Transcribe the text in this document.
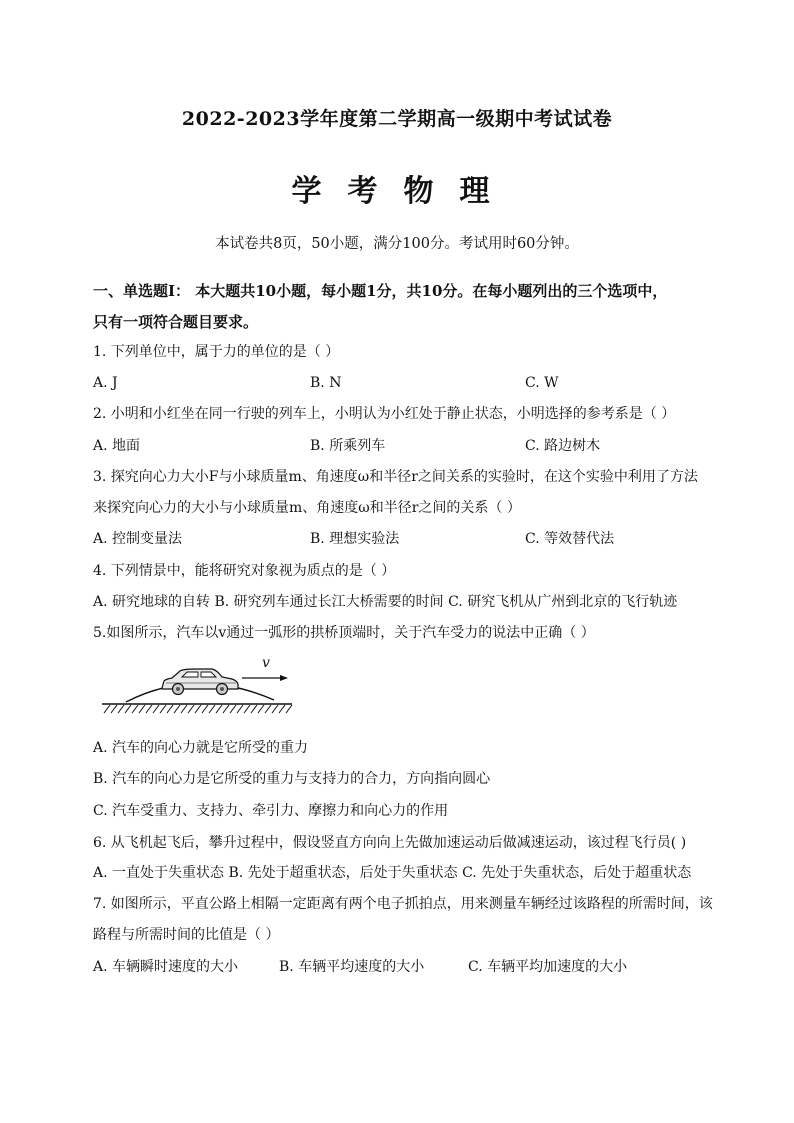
2022-2023学年度第二学期高一级期中考试试卷
学考物理
本试卷共8页，50小题，满分100分。考试用时60分钟。
一、单选题I： 本大题共10小题，每小题1分，共10分。在每小题列出的三个选项中，
只有一项符合题目要求。
1. 下列单位中，属于力的单位的是（ ）
A. J	B. N	C. W
2. 小明和小红坐在同一行驶的列车上，小明认为小红处于静止状态，小明选择的参考系是（ ）
A. 地面	B. 所乘列车	C. 路边树木
3. 探究向心力大小F与小球质量m、角速度ω和半径r之间关系的实验时，在这个实验中利用了方法
来探究向心力的大小与小球质量m、角速度ω和半径r之间的关系（ ）
A. 控制变量法	B. 理想实验法	C. 等效替代法
4. 下列情景中，能将研究对象视为质点的是（ ）
A. 研究地球的自转 B. 研究列车通过长江大桥需要的时间 C. 研究飞机从广州到北京的飞行轨迹
5.如图所示，汽车以v通过一弧形的拱桥顶端时，关于汽车受力的说法中正确（ ）
v
A. 汽车的向心力就是它所受的重力
B. 汽车的向心力是它所受的重力与支持力的合力，方向指向圆心
C. 汽车受重力、支持力、牵引力、摩擦力和向心力的作用
6. 从飞机起飞后，攀升过程中，假设竖直方向向上先做加速运动后做减速运动，该过程飞行员( )
A. 一直处于失重状态 B. 先处于超重状态，后处于失重状态 C. 先处于失重状态，后处于超重状态
7. 如图所示，平直公路上相隔一定距离有两个电子抓拍点，用来测量车辆经过该路程的所需时间，该
路程与所需时间的比值是（ ）
A. 车辆瞬时速度的大小	B. 车辆平均速度的大小	C. 车辆平均加速度的大小
